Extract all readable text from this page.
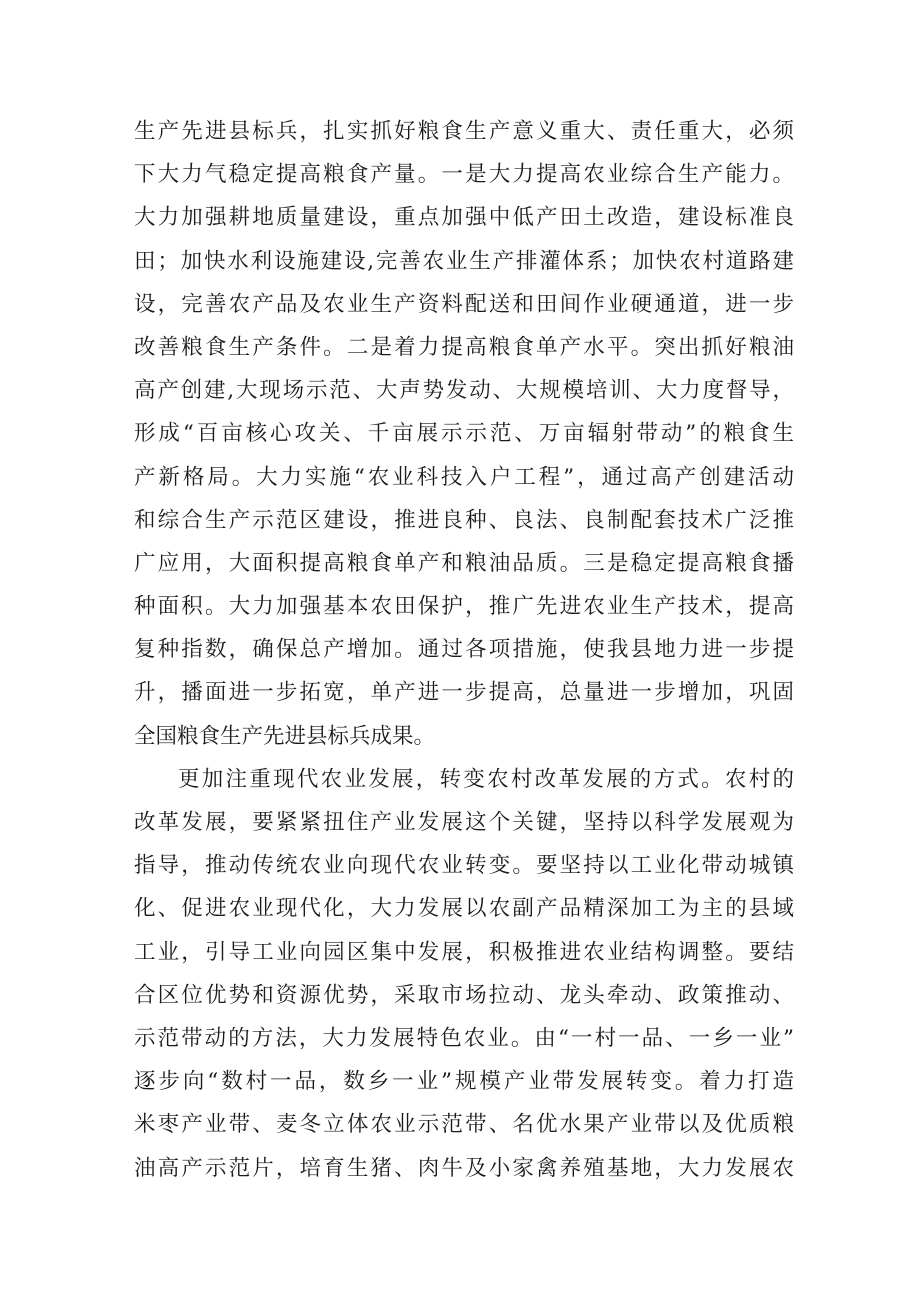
生产先进县标兵，扎实抓好粮食生产意义重大、责任重大，必须
下大力气稳定提高粮食产量。一是大力提高农业综合生产能力。
大力加强耕地质量建设，重点加强中低产田土改造，建设标准良
田；加快水利设施建设,完善农业生产排灌体系；加快农村道路建
设，完善农产品及农业生产资料配送和田间作业硬通道，进一步
改善粮食生产条件。二是着力提高粮食单产水平。突出抓好粮油
高产创建,大现场示范、大声势发动、大规模培训、大力度督导，
形成“百亩核心攻关、千亩展示示范、万亩辐射带动”的粮食生
产新格局。大力实施“农业科技入户工程”，通过高产创建活动
和综合生产示范区建设，推进良种、良法、良制配套技术广泛推
广应用，大面积提高粮食单产和粮油品质。三是稳定提高粮食播
种面积。大力加强基本农田保护，推广先进农业生产技术，提高
复种指数，确保总产增加。通过各项措施，使我县地力进一步提
升，播面进一步拓宽，单产进一步提高，总量进一步增加，巩固
全国粮食生产先进县标兵成果。
更加注重现代农业发展，转变农村改革发展的方式。农村的
改革发展，要紧紧扭住产业发展这个关键，坚持以科学发展观为
指导，推动传统农业向现代农业转变。要坚持以工业化带动城镇
化、促进农业现代化，大力发展以农副产品精深加工为主的县域
工业，引导工业向园区集中发展，积极推进农业结构调整。要结
合区位优势和资源优势，采取市场拉动、龙头牵动、政策推动、
示范带动的方法，大力发展特色农业。由“一村一品、一乡一业”
逐步向“数村一品，数乡一业”规模产业带发展转变。着力打造
米枣产业带、麦冬立体农业示范带、名优水果产业带以及优质粮
油高产示范片，培育生猪、肉牛及小家禽养殖基地，大力发展农
